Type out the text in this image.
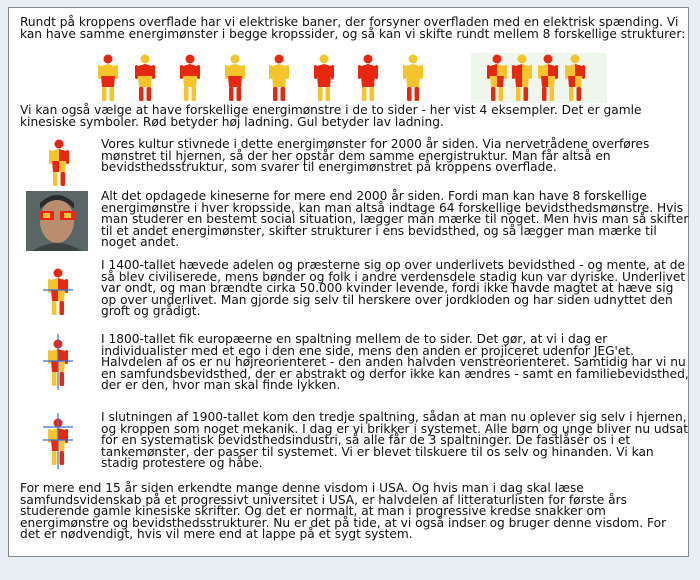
Rundt på kroppens overflade har vi elektriske baner, der forsyner overfladen med en elektrisk spænding. Vi kan have samme energimønster i begge kropssider, og så kan vi skifte rundt mellem 8 forskellige strukturer:

Vi kan også vælge at have forskellige energimønstre i de to sider - her vist 4 eksempler. Det er gamle kinesiske symboler. Rød betyder høj ladning. Gul betyder lav ladning.

Vores kultur stivnede i dette energimønster for 2000 år siden. Via nervetrådene overføres mønstret til hjernen, så der her opstår dem samme energistruktur. Man får altså en bevidsthedsstruktur, som svarer til energimønstret på kroppens overflade.

Alt det opdagede kineserne for mere end 2000 år siden. Fordi man kan have 8 forskellige energimønstre i hver kropsside, kan man altså indtage 64 forskellige bevidsthedsmønstre. Hvis man studerer en bestemt social situation, lægger man mærke til noget. Men hvis man så skifter til et andet energimønster, skifter strukturer i ens bevidsthed, og så lægger man mærke til noget andet.

I 1400-tallet hævede adelen og præsterne sig op over underlivets bevidsthed - og mente, at de så blev civiliserede, mens bønder og folk i andre verdensdele stadig kun var dyriske. Underlivet var ondt, og man brændte cirka 50.000 kvinder levende, fordi ikke havde magtet at hæve sig op over underlivet. Man gjorde sig selv til herskere over jordkloden og har siden udnyttet den groft og grådigt.

I 1800-tallet fik europæerne en spaltning mellem de to sider. Det gør, at vi i dag er individualister med et ego i den ene side, mens den anden er projiceret udenfor JEG'et. Halvdelen af os er nu højreorienteret - den anden halvden venstreorienteret. Samtidig har vi nu en samfundsbevidsthed, der er abstrakt og derfor ikke kan ændres - samt en familiebevidsthed, der er den, hvor man skal finde lykken.

I slutningen af 1900-tallet kom den tredje spaltning, sådan at man nu oplever sig selv i hjernen, og kroppen som noget mekanik. I dag er vi brikker i systemet. Alle børn og unge bliver nu udsat for en systematisk bevidsthedsindustri, så alle får de 3 spaltninger. De fastlåser os i et tankemønster, der passer til systemet. Vi er blevet tilskuere til os selv og hinanden. Vi kan stadig protestere og håbe.

For mere end 15 år siden erkendte mange denne visdom i USA. Og hvis man i dag skal læse samfundsvidenskab på et progressivt universitet i USA, er halvdelen af litteraturlisten for første års studerende gamle kinesiske skrifter. Og det er normalt, at man i progressive kredse snakker om energimønstre og bevidsthedsstrukturer. Nu er det på tide, at vi også indser og bruger denne visdom. For det er nødvendigt, hvis vil mere end at lappe på et sygt system.
